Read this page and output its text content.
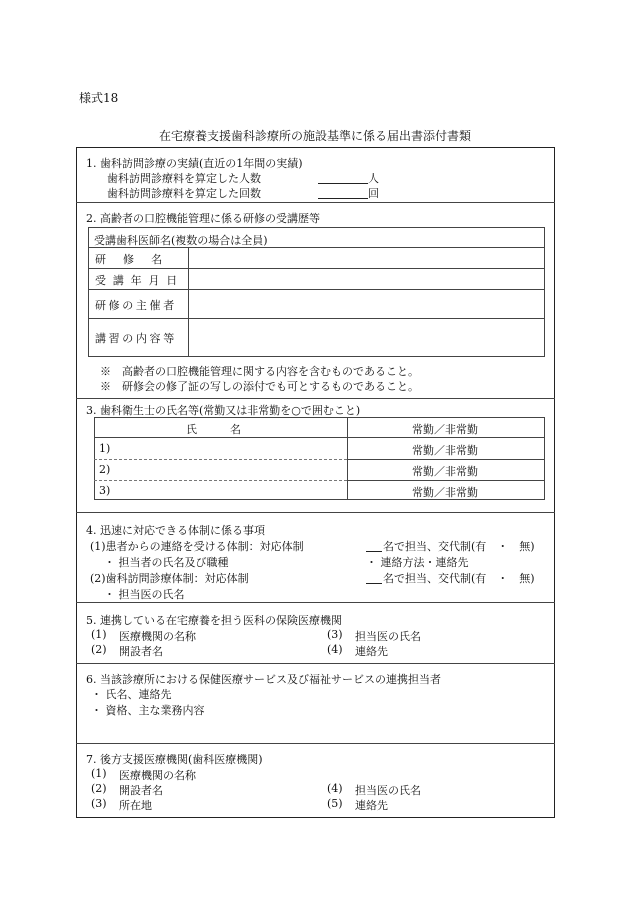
様式18
在宅療養支援歯科診療所の施設基準に係る届出書添付書類
1. 歯科訪問診療の実績(直近の1年間の実績)
歯科訪問診療料を算定した人数	人
歯科訪問診療料を算定した回数	回
2. 高齢者の口腔機能管理に係る研修の受講歴等
受講歯科医師名(複数の場合は全員)
研修名
受講年月日
研修の主催者
講習の内容等
※　高齢者の口腔機能管理に関する内容を含むものであること。
※　研修会の修了証の写しの添付でも可とするものであること。
3. 歯科衛生士の氏名等(常勤又は非常勤を○で囲むこと)
氏　　　名	常勤／非常勤
1)	常勤／非常勤
2)	常勤／非常勤
3)	常勤／非常勤
4. 迅速に対応できる体制に係る事項
(1)患者からの連絡を受ける体制：対応体制	名で担当、交代制(有　・　無)
・ 担当者の氏名及び職種	・ 連絡方法・連絡先
(2)歯科訪問診療体制：対応体制	名で担当、交代制(有　・　無)
・ 担当医の氏名
5. 連携している在宅療養を担う医科の保険医療機関
(1) 医療機関の名称
(2) 開設者名
(3) 担当医の氏名
(4) 連絡先
6. 当該診療所における保健医療サービス及び福祉サービスの連携担当者
・ 氏名、連絡先
・ 資格、主な業務内容
7. 後方支援医療機関(歯科医療機関)
(1) 医療機関の名称
(2) 開設者名
(3) 所在地
(4) 担当医の氏名
(5) 連絡先
